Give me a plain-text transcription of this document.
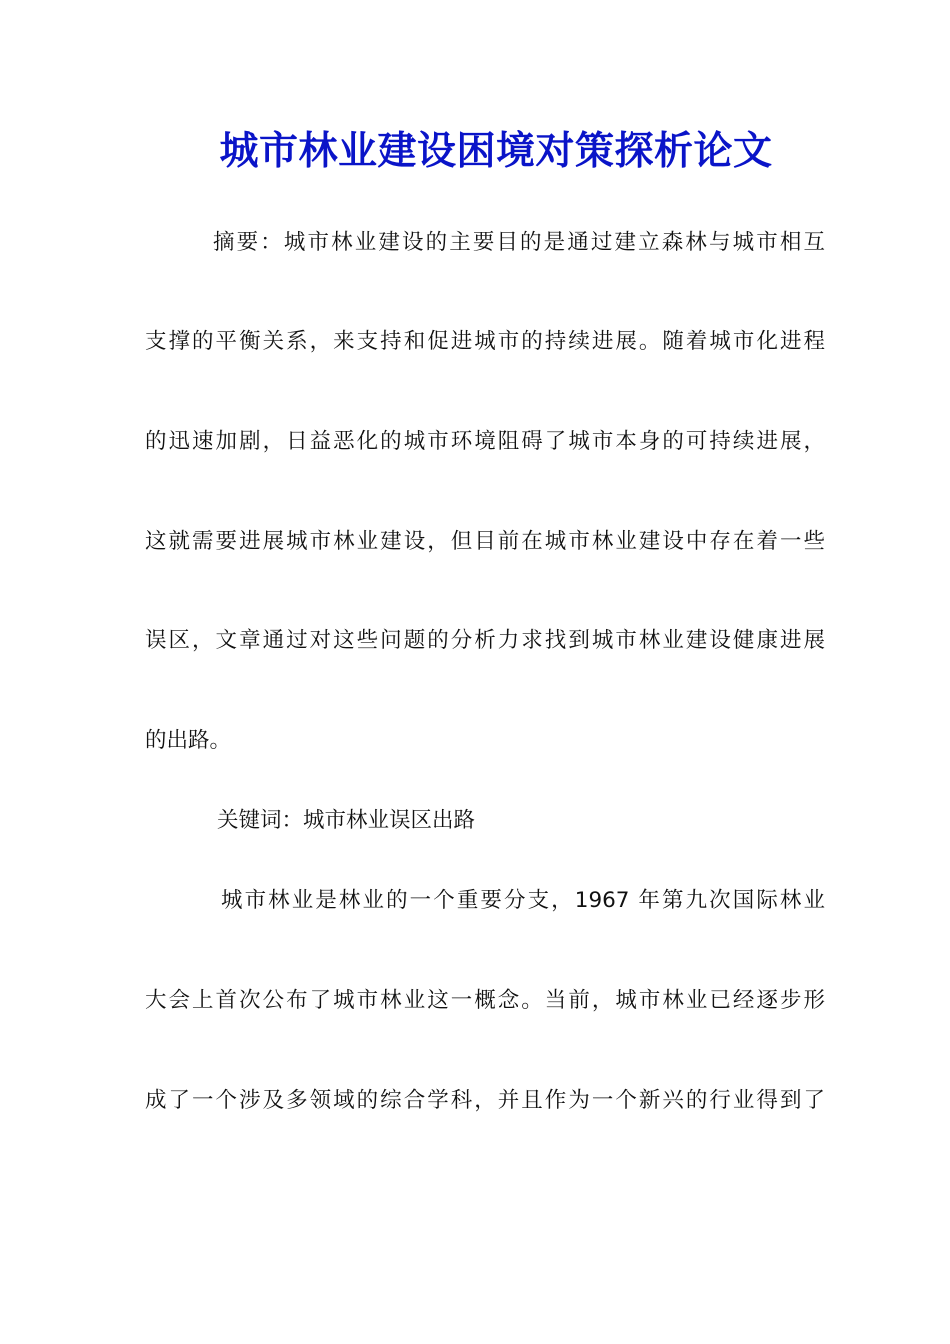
城市林业建设困境对策探析论文

摘要：城市林业建设的主要目的是通过建立森林与城市相互

支撑的平衡关系，来支持和促进城市的持续进展。随着城市化进程

的迅速加剧，日益恶化的城市环境阻碍了城市本身的可持续进展，

这就需要进展城市林业建设，但目前在城市林业建设中存在着一些

误区，文章通过对这些问题的分析力求找到城市林业建设健康进展

的出路。

关键词：城市林业误区出路

城市林业是林业的一个重要分支，1967 年第九次国际林业

大会上首次公布了城市林业这一概念。当前，城市林业已经逐步形

成了一个涉及多领域的综合学科，并且作为一个新兴的行业得到了
